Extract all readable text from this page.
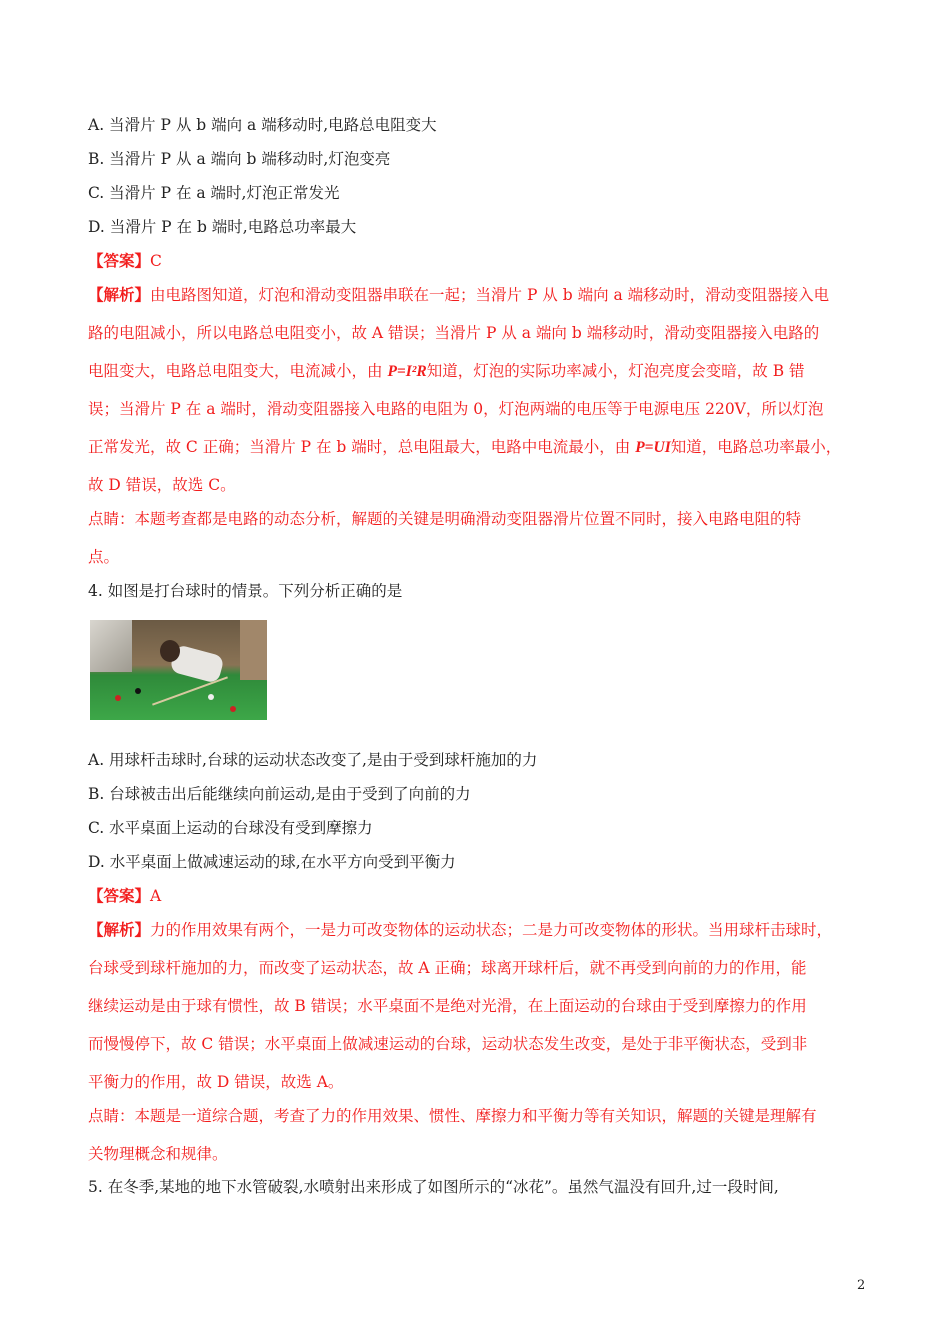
A. 当滑片 P 从 b 端向 a 端移动时,电路总电阻变大
B. 当滑片 P 从 a 端向 b 端移动时,灯泡变亮
C. 当滑片 P 在 a 端时,灯泡正常发光
D. 当滑片 P 在 b 端时,电路总功率最大
【答案】C
【解析】由电路图知道，灯泡和滑动变阻器串联在一起；当滑片 P 从 b 端向 a 端移动时，滑动变阻器接入电
路的电阻减小，所以电路总电阻变小，故 A 错误；当滑片 P 从 a 端向 b 端移动时，滑动变阻器接入电路的
电阻变大，电路总电阻变大，电流减小，由 P=I²R知道，灯泡的实际功率减小，灯泡亮度会变暗，故 B 错
误；当滑片 P 在 a 端时，滑动变阻器接入电路的电阻为 0，灯泡两端的电压等于电源电压 220V，所以灯泡
正常发光，故 C 正确；当滑片 P 在 b 端时，总电阻最大，电路中电流最小，由 P=UI知道，电路总功率最小，
故 D 错误，故选 C。
点睛：本题考查都是电路的动态分析，解题的关键是明确滑动变阻器滑片位置不同时，接入电路电阻的特
点。
4. 如图是打台球时的情景。下列分析正确的是
A. 用球杆击球时,台球的运动状态改变了,是由于受到球杆施加的力
B. 台球被击出后能继续向前运动,是由于受到了向前的力
C. 水平桌面上运动的台球没有受到摩擦力
D. 水平桌面上做减速运动的球,在水平方向受到平衡力
【答案】A
【解析】力的作用效果有两个，一是力可改变物体的运动状态；二是力可改变物体的形状。当用球杆击球时，
台球受到球杆施加的力，而改变了运动状态，故 A 正确；球离开球杆后，就不再受到向前的力的作用，能
继续运动是由于球有惯性，故 B 错误；水平桌面不是绝对光滑，在上面运动的台球由于受到摩擦力的作用
而慢慢停下，故 C 错误；水平桌面上做减速运动的台球，运动状态发生改变，是处于非平衡状态，受到非
平衡力的作用，故 D 错误，故选 A。
点睛：本题是一道综合题，考查了力的作用效果、惯性、摩擦力和平衡力等有关知识，解题的关键是理解有
关物理概念和规律。
5. 在冬季,某地的地下水管破裂,水喷射出来形成了如图所示的“冰花”。虽然气温没有回升,过一段时间,
2
